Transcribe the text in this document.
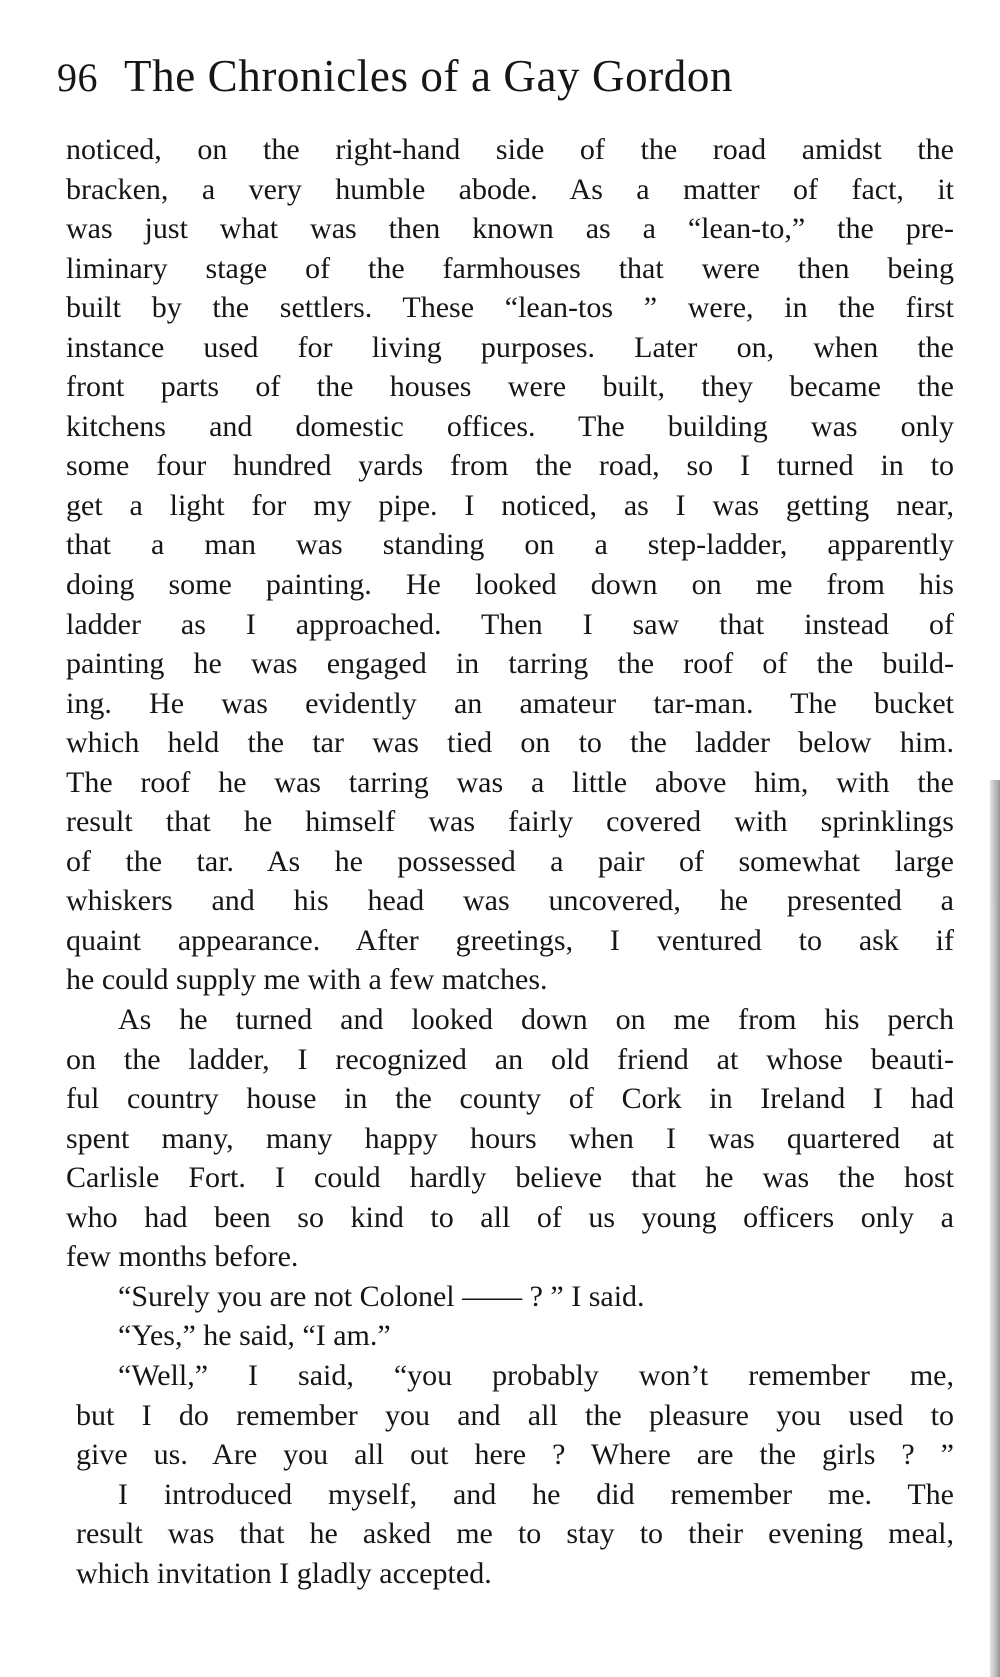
96 The Chronicles of a Gay Gordon
noticed, on the right-hand side of the road amidst the
bracken, a very humble abode. As a matter of fact, it
was just what was then known as a “lean-to,” the pre-
liminary stage of the farmhouses that were then being
built by the settlers. These “lean-tos ” were, in the first
instance used for living purposes. Later on, when the
front parts of the houses were built, they became the
kitchens and domestic offices. The building was only
some four hundred yards from the road, so I turned in to
get a light for my pipe. I noticed, as I was getting near,
that a man was standing on a step-ladder, apparently
doing some painting. He looked down on me from his
ladder as I approached. Then I saw that instead of
painting he was engaged in tarring the roof of the build-
ing. He was evidently an amateur tar-man. The bucket
which held the tar was tied on to the ladder below him.
The roof he was tarring was a little above him, with the
result that he himself was fairly covered with sprinklings
of the tar. As he possessed a pair of somewhat large
whiskers and his head was uncovered, he presented a
quaint appearance. After greetings, I ventured to ask if
he could supply me with a few matches.
As he turned and looked down on me from his perch
on the ladder, I recognized an old friend at whose beauti-
ful country house in the county of Cork in Ireland I had
spent many, many happy hours when I was quartered at
Carlisle Fort. I could hardly believe that he was the host
who had been so kind to all of us young officers only a
few months before.
“Surely you are not Colonel —— ? ” I said.
“Yes,” he said, “I am.”
“Well,” I said, “you probably won’t remember me,
but I do remember you and all the pleasure you used to
give us. Are you all out here ? Where are the girls ? ”
I introduced myself, and he did remember me. The
result was that he asked me to stay to their evening meal,
which invitation I gladly accepted.
